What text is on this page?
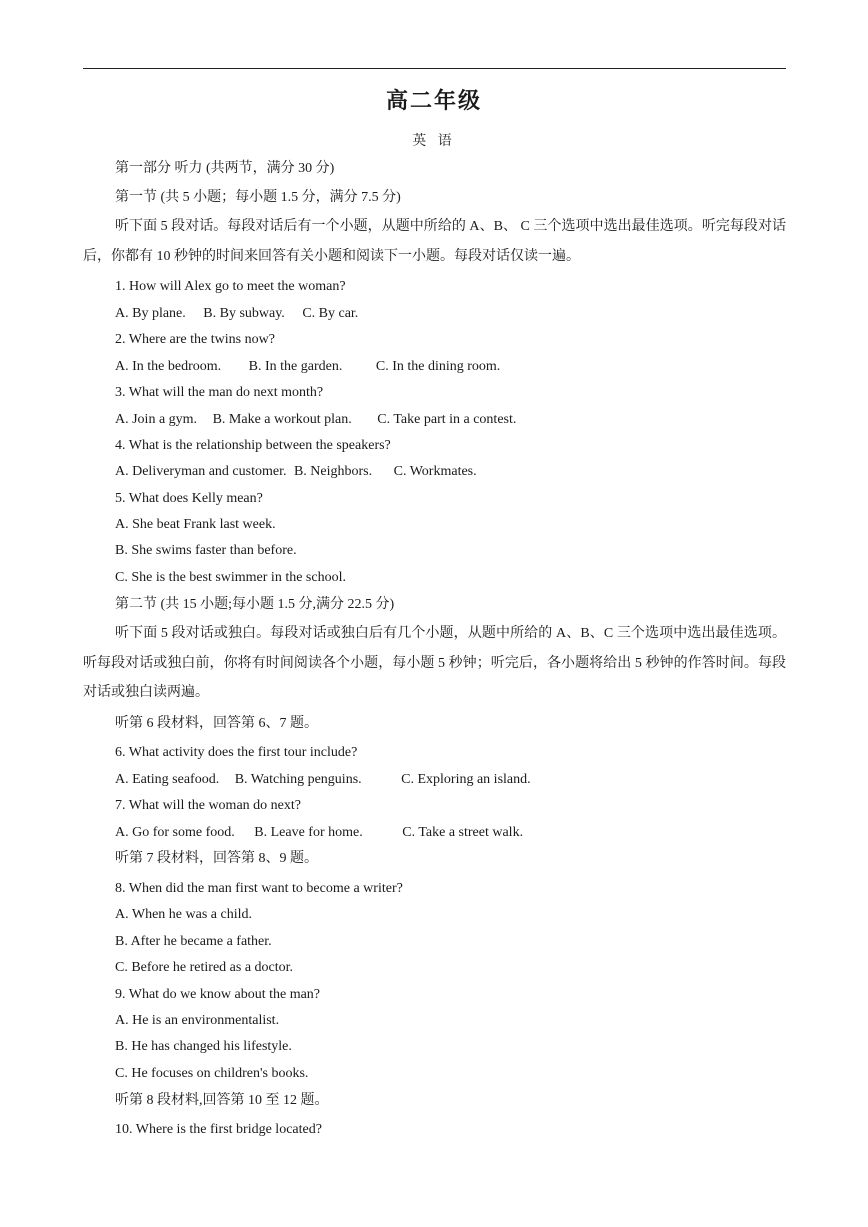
高二年级
英 语
第一部分 听力 (共两节，满分 30 分)
第一节 (共 5 小题；每小题 1.5 分，满分 7.5 分)
听下面 5 段对话。每段对话后有一个小题，从题中所给的 A、B、 C 三个选项中选出最佳选项。听完每段对话后，你都有 10 秒钟的时间来回答有关小题和阅读下一小题。每段对话仅读一遍。
1. How will Alex go to meet the woman?
A. By plane. B. By subway. C. By car.
2. Where are the twins now?
A. In the bedroom. B. In the garden. C. In the dining room.
3. What will the man do next month?
A. Join a gym. B. Make a workout plan. C. Take part in a contest.
4. What is the relationship between the speakers?
A. Deliveryman and customer. B. Neighbors. C. Workmates.
5. What does Kelly mean?
A. She beat Frank last week.
B. She swims faster than before.
C. She is the best swimmer in the school.
第二节 (共 15 小题;每小题 1.5 分,满分 22.5 分)
听下面 5 段对话或独白。每段对话或独白后有几个小题，从题中所给的 A、B、C 三个选项中选出最佳选项。听每段对话或独白前，你将有时间阅读各个小题，每小题 5 秒钟；听完后，各小题将给出 5 秒钟的作答时间。每段对话或独白读两遍。
听第 6 段材料，回答第 6、7 题。
6. What activity does the first tour include?
A. Eating seafood. B. Watching penguins.	C. Exploring an island.
7. What will the woman do next?
A. Go for some food. B. Leave for home.	C. Take a street walk.
听第 7 段材料，回答第 8、9 题。
8. When did the man first want to become a writer?
A. When he was a child.
B. After he became a father.
C. Before he retired as a doctor.
9. What do we know about the man?
A. He is an environmentalist.
B. He has changed his lifestyle.
C. He focuses on children's books.
听第 8 段材料,回答第 10 至 12 题。
10. Where is the first bridge located?
